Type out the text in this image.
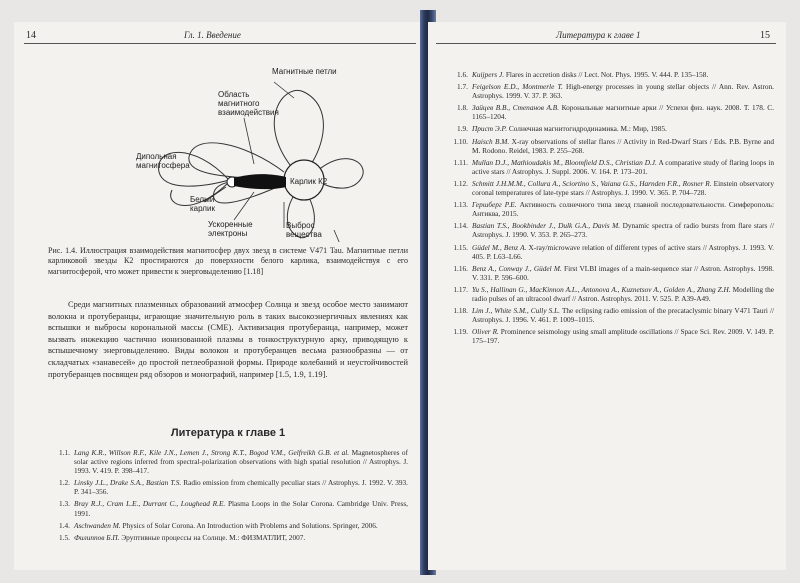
14	Гл. 1. Введение
Магнитные петли
Область
магнитного
взаимодействия
Дипольная
магнитосфера
Белый
карлик
Карлик К2
Ускоренные
электроны
Выброс
вещества
Рис. 1.4. Иллюстрация взаимодействия магнитосфер двух звезд в системе V471 Tau. Магнитные петли карликовой звезды К2 простираются до поверхности белого карлика, взаимодействуя с его магнитосферой, что может привести к энерговыделению [1.18]
Среди магнитных плазменных образований атмосфер Солнца и звезд особое место занимают волокна и протуберанцы, играющие значительную роль в таких высокоэнергичных явлениях как вспышки и выбросы корональной массы (СМЕ). Активизация протуберанца, например, может вызвать инжекцию частично ионизованной плазмы в тонкоструктурную аркy, приводящую к вспышечному энерговыделению. Виды волокон и протуберанцев весьма разнообразны — от складчатых «занавесей» до простой петлеобразной формы. Природе колебаний и неустойчивостей протуберанцев посвящен ряд обзоров и монографий, например [1.5, 1.9, 1.19].
Литература к главе 1
1.1. Lang K.R., Willson R.F., Kile J.N., Lemen J., Strong K.T., Bogod V.M., Gelfreikh G.B. et al. Magnetospheres of solar active regions inferred from spectral-polarization observations with high spatial resolution // Astrophys. J. 1993. V. 419. P. 398–417.
1.2. Linsky J.L., Drake S.A., Bastian T.S. Radio emission from chemically peculiar stars // Astrophys. J. 1992. V. 393. P. 341–356.
1.3. Bray R.J., Cram L.E., Durrant C., Loughead R.E. Plasma Loops in the Solar Corona. Cambridge Univ. Press, 1991.
1.4. Aschwanden M. Physics of Solar Corona. An Introduction with Problems and Solutions. Springer, 2006.
1.5. Филиппов Б.П. Эруптивные процессы на Солнце. М.: ФИЗМАТЛИТ, 2007.
Литература к главе 1	15
1.6. Kuijpers J. Flares in accretion disks // Lect. Not. Phys. 1995. V. 444. P. 135–158.
1.7. Feigelson E.D., Montmerle T. High-energy processes in young stellar objects // Ann. Rev. Astron. Astrophys. 1999. V. 37. P. 363.
1.8. Зайцев В.В., Степанов А.В. Корональные магнитные арки // Успехи физ. наук. 2008. Т. 178. С. 1165–1204.
1.9. Прист Э.Р. Солнечная магнитогидродинамика. М.: Мир, 1985.
1.10. Haisch B.M. X-ray observations of stellar flares // Activity in Red-Dwarf Stars / Eds. P.B. Byrne and M. Rodono. Reidel, 1983. P. 255–268.
1.11. Mullan D.J., Mathioudakis M., Bloomfield D.S., Christian D.J. A comparative study of flaring loops in active stars // Astrophys. J. Suppl. 2006. V. 164. P. 173–201.
1.12. Schmitt J.H.M.M., Collura A., Sciortino S., Vaiana G.S., Harnden F.R., Rosner R. Einstein observatory coronal temperatures of late-type stars // Astrophys. J. 1990. V. 365. P. 704–728.
1.13. Гершберг Р.Е. Активность солнечного типа звезд главной последовательности. Симферополь: Антиква, 2015.
1.14. Bastian T.S., Bookbinder J., Dulk G.A., Davis M. Dynamic spectra of radio bursts from flare stars // Astrophys. J. 1990. V. 353. P. 265–273.
1.15. Güdel M., Benz A. X-ray/microwave relation of different types of active stars // Astrophys. J. 1993. V. 405. P. L63–L66.
1.16. Benz A., Conway J., Güdel M. First VLBI images of a main-sequence star // Astron. Astrophys. 1998. V. 331. P. 596–600.
1.17. Yu S., Hallinan G., MacKinnon A.L., Antonova A., Kuznetsov A., Golden A., Zhang Z.H. Modelling the radio pulses of an ultracool dwarf // Astron. Astrophys. 2011. V. 525. P. A39-A49.
1.18. Lim J., White S.M., Cully S.L. The eclipsing radio emission of the precataclysmic binary V471 Tauri // Astrophys. J. 1996. V. 461. P. 1009–1015.
1.19. Oliver R. Prominence seismology using small amplitude oscillations // Space Sci. Rev. 2009. V. 149. P. 175–197.
